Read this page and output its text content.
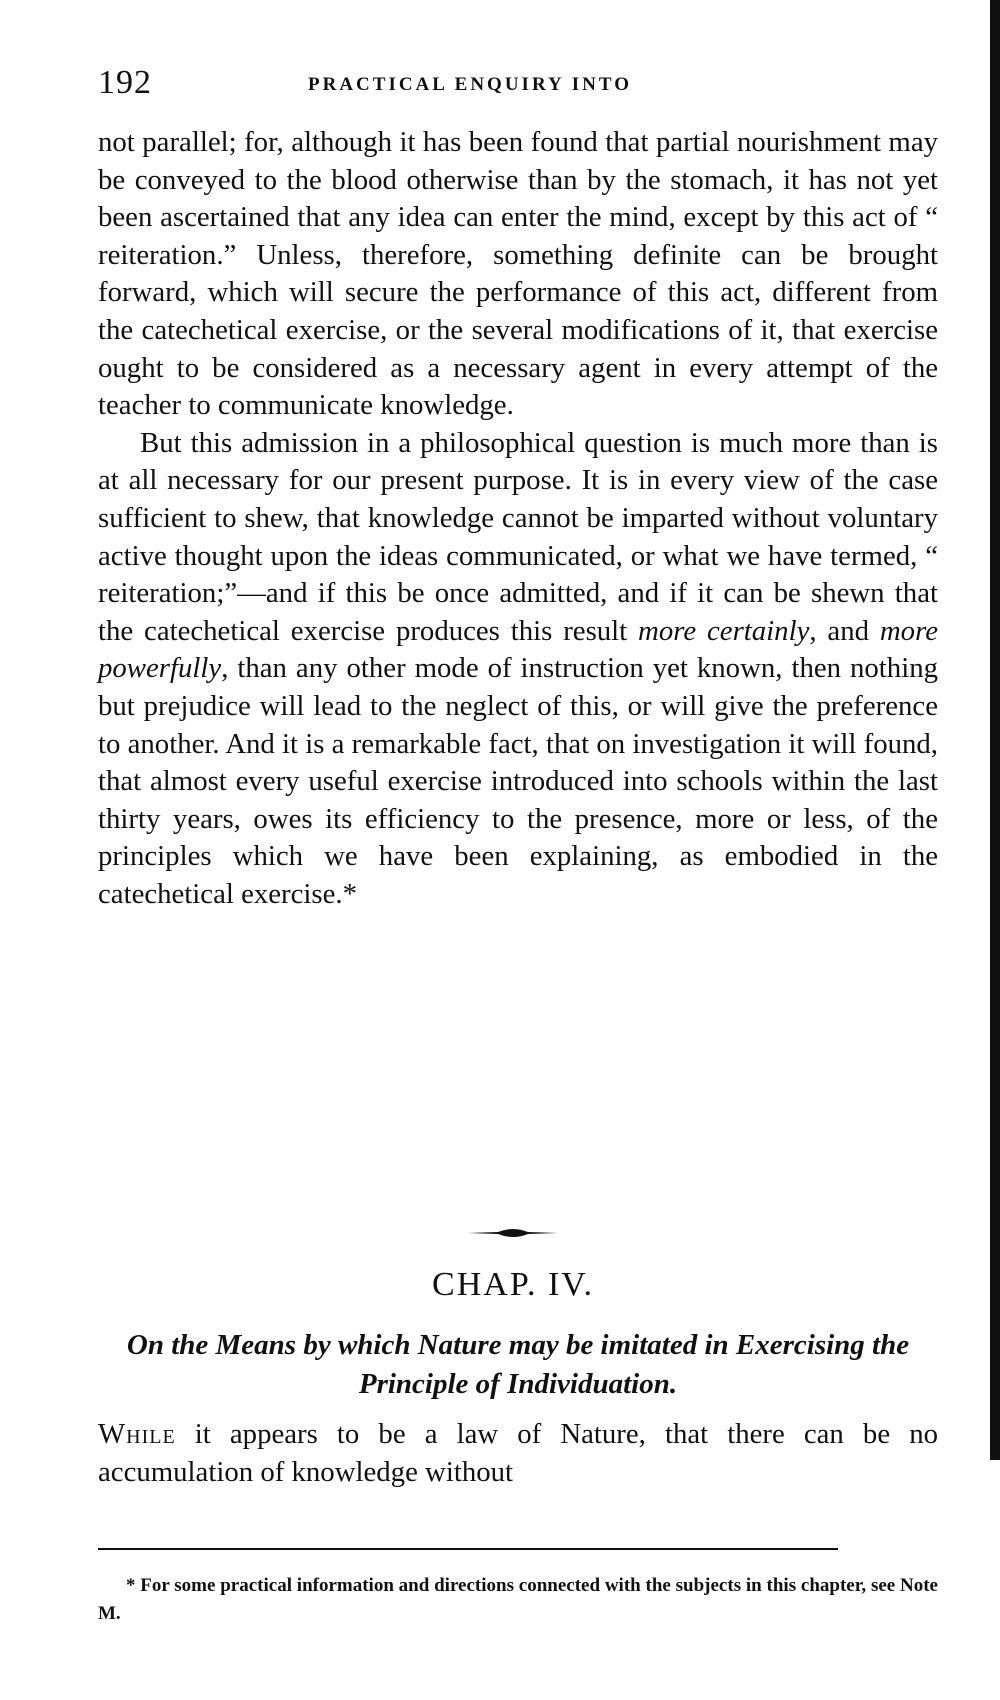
192	PRACTICAL ENQUIRY INTO

not parallel; for, although it has been found that partial nourishment may be conveyed to the blood otherwise than by the stomach, it has not yet been ascertained that any idea can enter the mind, except by this act of “ reiteration.” Unless, therefore, something definite can be brought forward, which will secure the performance of this act, different from the catechetical exercise, or the several modifications of it, that exercise ought to be considered as a necessary agent in every attempt of the teacher to communicate knowledge.

But this admission in a philosophical question is much more than is at all necessary for our present purpose. It is in every view of the case sufficient to shew, that knowledge cannot be imparted without voluntary active thought upon the ideas communicated, or what we have termed, “ reiteration;”—and if this be once admitted, and if it can be shewn that the catechetical exercise produces this result more certainly, and more powerfully, than any other mode of instruction yet known, then nothing but prejudice will lead to the neglect of this, or will give the preference to another. And it is a remarkable fact, that on investigation it will found, that almost every useful exercise introduced into schools within the last thirty years, owes its efficiency to the presence, more or less, of the principles which we have been explaining, as embodied in the catechetical exercise.*

CHAP. IV.
On the Means by which Nature may be imitated in Exercising the Principle of Individuation.
While it appears to be a law of Nature, that there can be no accumulation of knowledge without

* For some practical information and directions connected with the subjects in this chapter, see Note M.
